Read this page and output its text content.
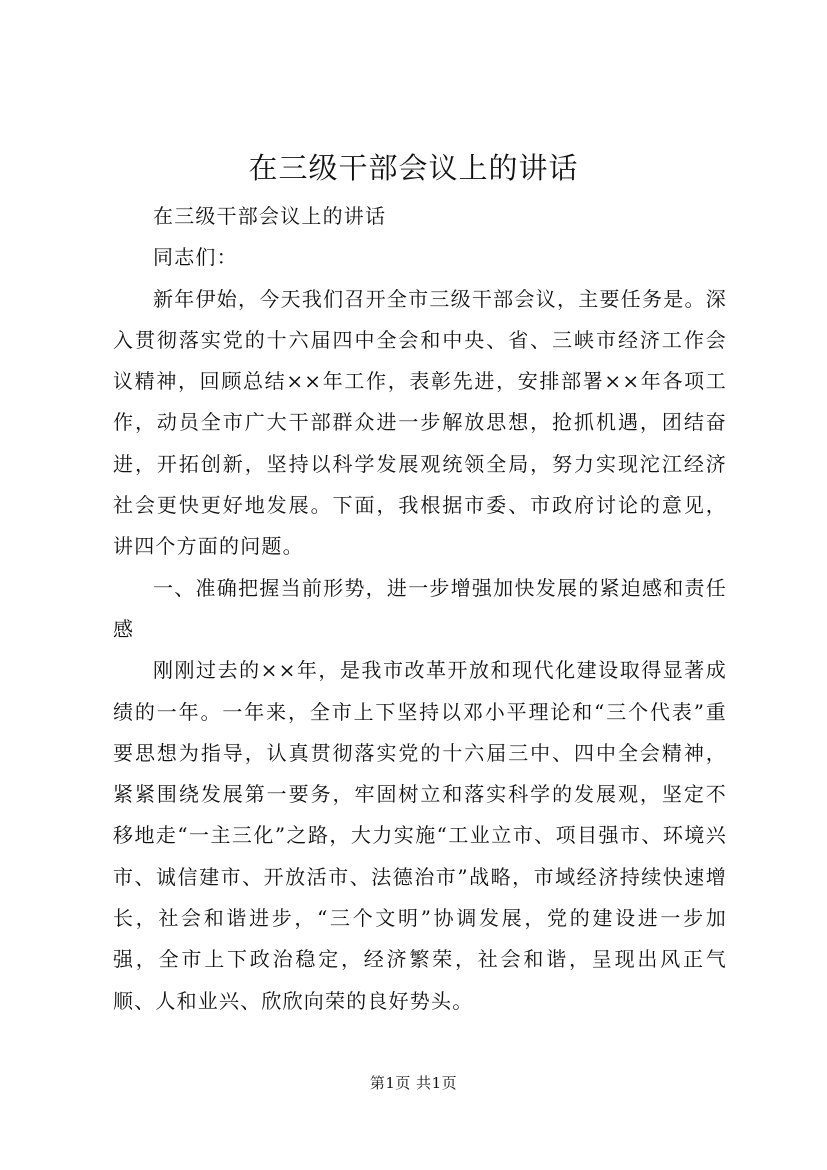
在三级干部会议上的讲话

在三级干部会议上的讲话

同志们：

新年伊始，今天我们召开全市三级干部会议，主要任务是。深入贯彻落实党的十六届四中全会和中央、省、三峡市经济工作会议精神，回顾总结××年工作，表彰先进，安排部署××年各项工作，动员全市广大干部群众进一步解放思想，抢抓机遇，团结奋进，开拓创新，坚持以科学发展观统领全局，努力实现沱江经济社会更快更好地发展。下面，我根据市委、市政府讨论的意见，讲四个方面的问题。

一、准确把握当前形势，进一步增强加快发展的紧迫感和责任感

刚刚过去的××年，是我市改革开放和现代化建设取得显著成绩的一年。一年来，全市上下坚持以邓小平理论和“三个代表”重要思想为指导，认真贯彻落实党的十六届三中、四中全会精神，紧紧围绕发展第一要务，牢固树立和落实科学的发展观，坚定不移地走“一主三化”之路，大力实施“工业立市、项目强市、环境兴市、诚信建市、开放活市、法德治市”战略，市域经济持续快速增长，社会和谐进步，“三个文明”协调发展，党的建设进一步加强，全市上下政治稳定，经济繁荣，社会和谐，呈现出风正气顺、人和业兴、欣欣向荣的良好势头。

第1页 共1页
